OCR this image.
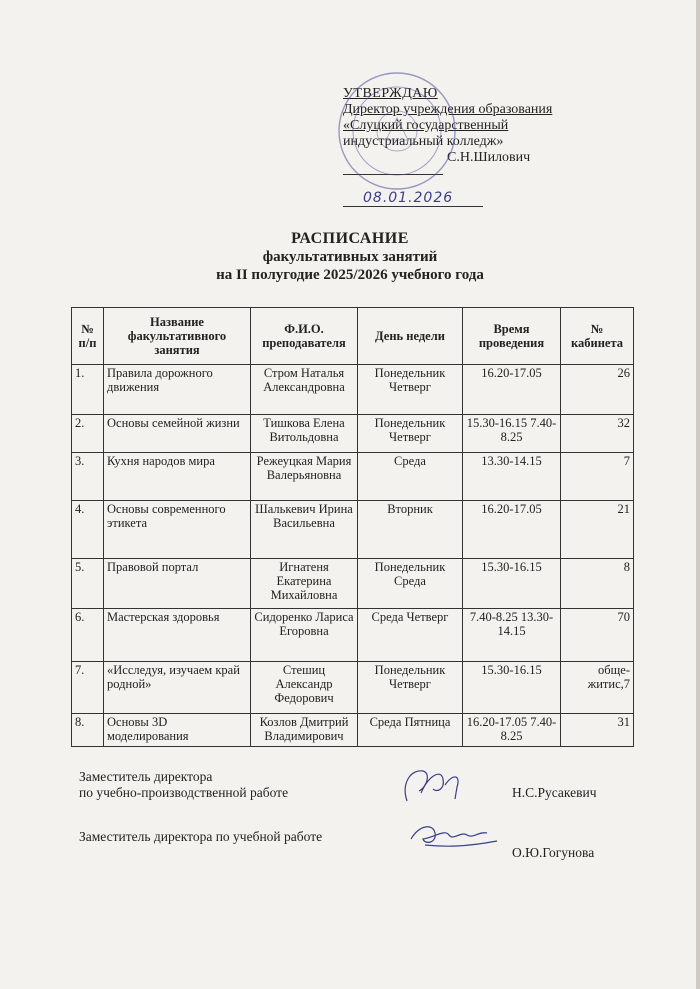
УТВЕРЖДАЮ
Директор учреждения образования
«Слуцкий государственный
индустриальный колледж»
С.Н.Шилович
08.01.2026
РАСПИСАНИЕ
факультативных занятий
на II полугодие 2025/2026 учебного года
№ п/п	Название факультативного занятия	Ф.И.О. преподавателя	День недели	Время проведения	№ кабинета
1.	Правила дорожного движения	Стром Наталья Александровна	Понедельник Четверг	16.20-17.05	26
2.	Основы семейной жизни	Тишкова Елена Витольдовна	Понедельник Четверг	15.30-16.15 7.40-8.25	32
3.	Кухня народов мира	Режеуцкая Мария Валерьяновна	Среда	13.30-14.15	7
4.	Основы современного этикета	Шалькевич Ирина Васильевна	Вторник	16.20-17.05	21
5.	Правовой портал	Игнатеня Екатерина Михайловна	Понедельник Среда	15.30-16.15	8
6.	Мастерская здоровья	Сидоренко Лариса Егоровна	Среда Четверг	7.40-8.25 13.30-14.15	70
7.	«Исследуя, изучаем край родной»	Стешиц Александр Федорович	Понедельник Четверг	15.30-16.15	обще-житис,7
8.	Основы 3D моделирования	Козлов Дмитрий Владимирович	Среда Пятница	16.20-17.05 7.40-8.25	31
Заместитель директора
по учебно-производственной работе	Н.С.Русакевич
Заместитель директора по учебной работе
О.Ю.Гогунова
